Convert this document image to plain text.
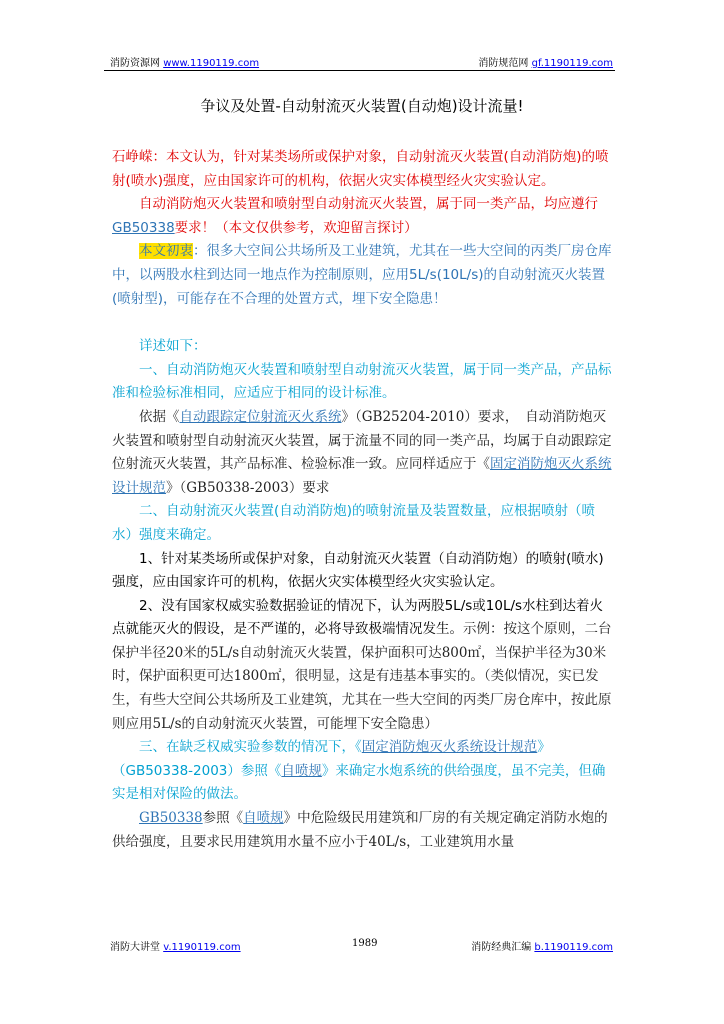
消防资源网 www.1190119.com	消防规范网 gf.1190119.com
争议及处置-自动射流灭火装置(自动炮)设计流量!

石峥嵘：本文认为，针对某类场所或保护对象，自动射流灭火装置(自动消防炮)的喷射(喷水)强度，应由国家许可的机构，依据火灾实体模型经火灾实验认定。

自动消防炮灭火装置和喷射型自动射流灭火装置，属于同一类产品，均应遵行GB50338要求！（本文仅供参考，欢迎留言探讨）

本文初衷：很多大空间公共场所及工业建筑，尤其在一些大空间的丙类厂房仓库中，以两股水柱到达同一地点作为控制原则，应用5L/s(10L/s)的自动射流灭火装置(喷射型)，可能存在不合理的处置方式，埋下安全隐患！

详述如下：

一、自动消防炮灭火装置和喷射型自动射流灭火装置，属于同一类产品，产品标准和检验标准相同，应适应于相同的设计标准。

依据《自动跟踪定位射流灭火系统》（GB25204-2010）要求，　自动消防炮灭火装置和喷射型自动射流灭火装置，属于流量不同的同一类产品，均属于自动跟踪定位射流灭火装置，其产品标准、检验标准一致。应同样适应于《固定消防炮灭火系统设计规范》（GB50338-2003）要求

二、自动射流灭火装置(自动消防炮)的喷射流量及装置数量，应根据喷射（喷水）强度来确定。

1、针对某类场所或保护对象，自动射流灭火装置（自动消防炮）的喷射(喷水)强度，应由国家许可的机构，依据火灾实体模型经火灾实验认定。

2、没有国家权威实验数据验证的情况下，认为两股5L/s或10L/s水柱到达着火点就能灭火的假设，是不严谨的，必将导致极端情况发生。示例：按这个原则，二台保护半径20米的5L/s自动射流灭火装置，保护面积可达800㎡，当保护半径为30米时，保护面积更可达1800㎡，很明显，这是有违基本事实的。（类似情况，实已发生，有些大空间公共场所及工业建筑，尤其在一些大空间的丙类厂房仓库中，按此原则应用5L/s的自动射流灭火装置，可能埋下安全隐患）

三、在缺乏权威实验参数的情况下，《固定消防炮灭火系统设计规范》（GB50338-2003）参照《自喷规》来确定水炮系统的供给强度，虽不完美，但确实是相对保险的做法。

GB50338参照《自喷规》中危险级民用建筑和厂房的有关规定确定消防水炮的供给强度，且要求民用建筑用水量不应小于40L/s，工业建筑用水量

消防大讲堂 v.1190119.com	1989	消防经典汇编 b.1190119.com
